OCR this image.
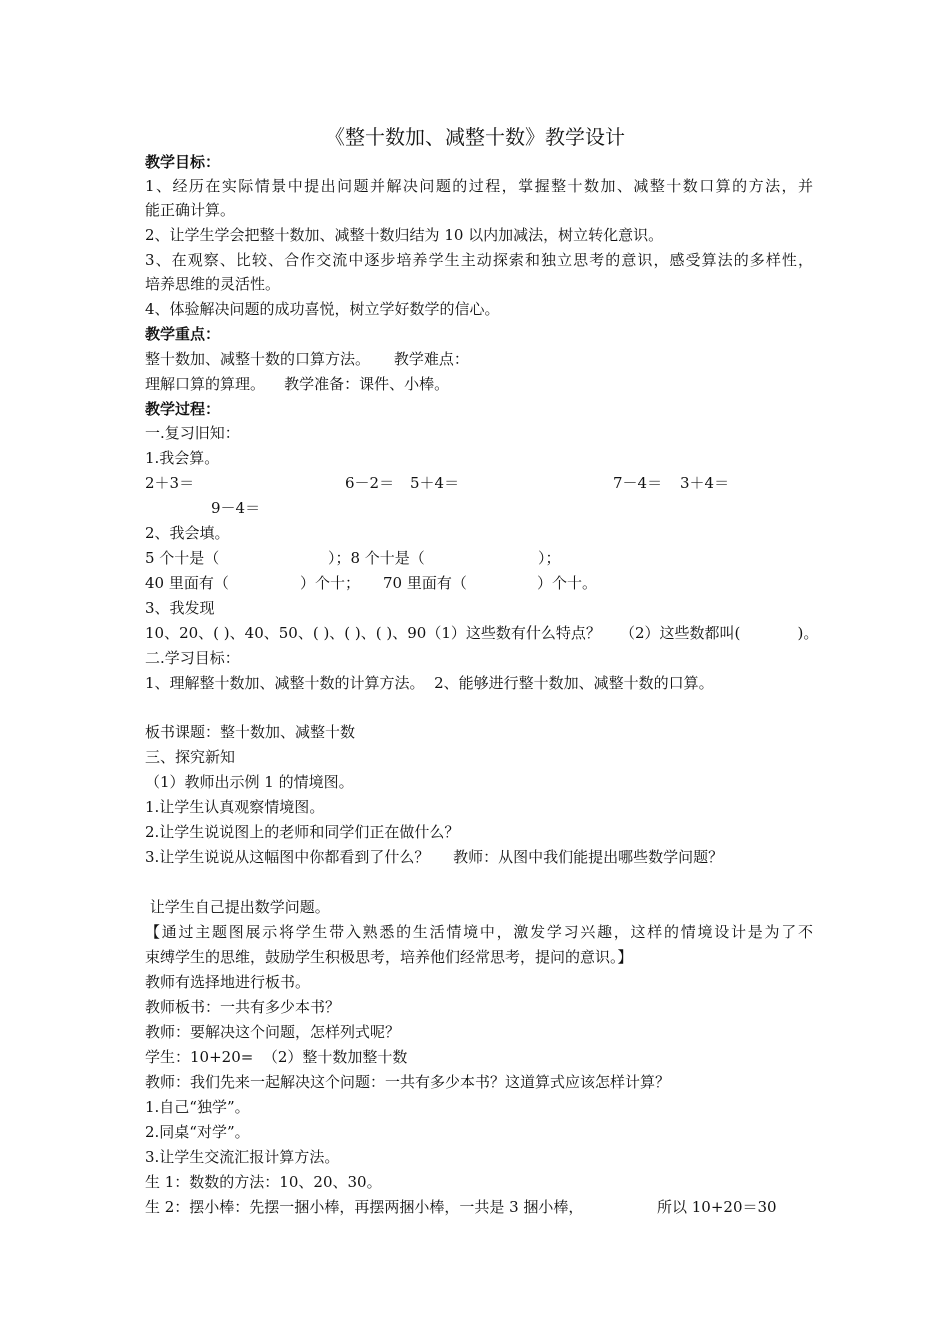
《整十数加、减整十数》教学设计
教学目标：
1、经历在实际情景中提出问题并解决问题的过程，掌握整十数加、减整十数口算的方法，并
能正确计算。
2、让学生学会把整十数加、减整十数归结为 10 以内加减法，树立转化意识。
3、在观察、比较、合作交流中逐步培养学生主动探索和独立思考的意识，感受算法的多样性，
培养思维的灵活性。
4、体验解决问题的成功喜悦，树立学好数学的信心。
教学重点：
整十数加、减整十数的口算方法。     教学难点：
理解口算的算理。    教学准备：课件、小棒。
教学过程：
一.复习旧知：
1.我会算。
2＋3＝	6－2＝ 5＋4＝	7－4＝ 3＋4＝
9－4＝
2、我会填。
5 个十是（	）；8 个十是（	）；
40 里面有（	）个十； 70 里面有（	）个十。
3、我发现
10、20、( )、40、50、( )、( )、( )、90（1）这些数有什么特点？    （2）这些数都叫(            )。
二.学习目标：
1、理解整十数加、减整十数的计算方法。  2、能够进行整十数加、减整十数的口算。
板书课题：整十数加、减整十数
三、探究新知
（1）教师出示例 1 的情境图。
1.让学生认真观察情境图。
2.让学生说说图上的老师和同学们正在做什么？
3.让学生说说从这幅图中你都看到了什么？     教师：从图中我们能提出哪些数学问题？
让学生自己提出数学问题。
【通过主题图展示将学生带入熟悉的生活情境中，激发学习兴趣，这样的情境设计是为了不
束缚学生的思维，鼓励学生积极思考，培养他们经常思考，提问的意识。】
教师有选择地进行板书。
教师板书：一共有多少本书？
教师：要解决这个问题，怎样列式呢？
学生：10+20=  （2）整十数加整十数
教师：我们先来一起解决这个问题：一共有多少本书？这道算式应该怎样计算？
1.自己“独学”。
2.同桌“对学”。
3.让学生交流汇报计算方法。
生 1：数数的方法：10、20、30。
生 2：摆小棒：先摆一捆小棒，再摆两捆小棒，一共是 3 捆小棒，	所以 10+20＝30
